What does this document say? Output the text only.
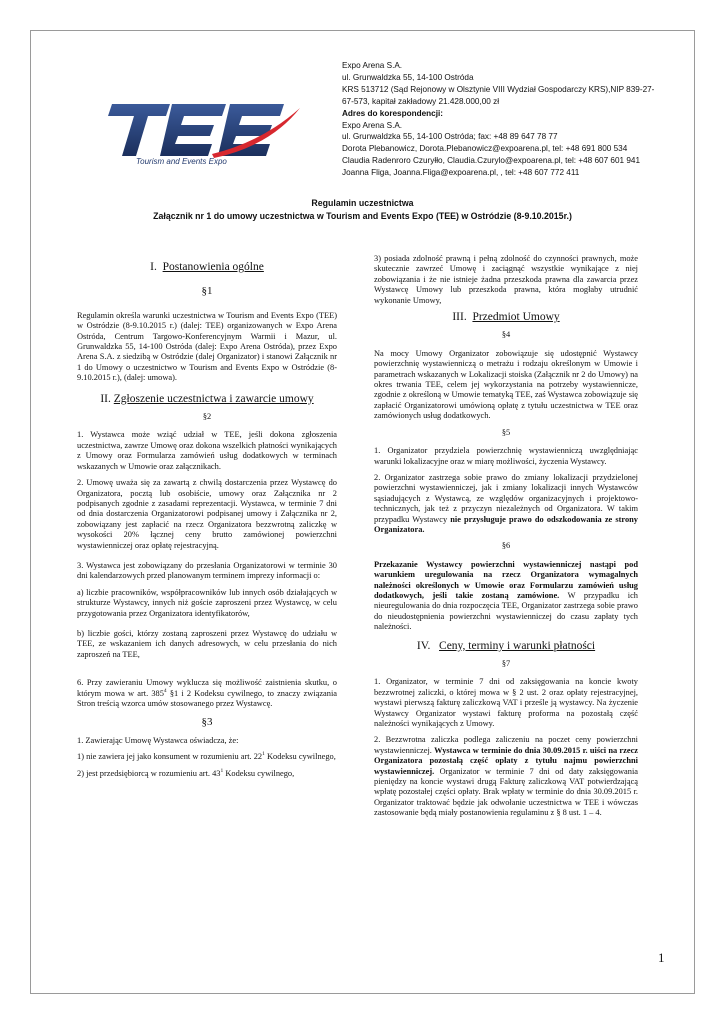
Tourism and Events Expo
Expo Arena S.A.
ul. Grunwaldzka 55, 14-100 Ostróda
KRS 513712 (Sąd Rejonowy w Olsztynie VIII Wydział Gospodarczy KRS),NIP 839-27-
67-573, kapitał zakładowy 21.428.000,00 zł
Adres do korespondencji:
Expo Arena S.A.
ul. Grunwaldzka 55, 14-100 Ostróda; fax: +48 89 647 78 77
Dorota Plebanowicz, Dorota.Plebanowicz@expoarena.pl, tel: +48 691 800 534
Claudia Radenroro Czuryłło, Claudia.Czurylo@expoarena.pl, tel: +48 607 601 941
Joanna Fliga, Joanna.Fliga@expoarena.pl, , tel: +48 607 772 411
Regulamin uczestnictwa
Załącznik nr 1 do umowy uczestnictwa w Tourism and Events Expo (TEE) w Ostródzie (8-9.10.2015r.)
I. Postanowienia ogólne
§1

Regulamin określa warunki uczestnictwa w Tourism and Events Expo (TEE) w Ostródzie (8-9.10.2015 r.) (dalej: TEE) organizowanych w Expo Arena Ostróda, Centrum Targowo-Konferencyjnym Warmii i Mazur, ul. Grunwaldzka 55, 14-100 Ostróda (dalej: Expo Arena Ostróda), przez Expo Arena S.A. z siedzibą w Ostródzie (dalej Organizator) i stanowi Załącznik nr 1 do Umowy o uczestnictwo w Tourism and Events Expo w Ostródzie (8-9.10.2015 r.), (dalej: umowa).

II. Zgłoszenie uczestnictwa i zawarcie umowy
§2

1. Wystawca może wziąć udział w TEE, jeśli dokona zgłoszenia uczestnictwa, zawrze Umowę oraz dokona wszelkich płatności wynikających z Umowy oraz Formularza zamówień usług dodatkowych w terminach wskazanych w Umowie oraz załącznikach.

2. Umowę uważa się za zawartą z chwilą dostarczenia przez Wystawcę do Organizatora, pocztą lub osobiście, umowy oraz Załącznika nr 2 podpisanych zgodnie z zasadami reprezentacji. Wystawca, w terminie 7 dni od dnia dostarczenia Organizatorowi podpisanej umowy i Załącznika nr 2, zobowiązany jest zapłacić na rzecz Organizatora bezzwrotną zaliczkę w wysokości 20% łącznej ceny brutto zamówionej powierzchni wystawienniczej oraz opłatę rejestracyjną.

3. Wystawca jest zobowiązany do przesłania Organizatorowi w terminie 30 dni kalendarzowych przed planowanym terminem imprezy informacji o:

a) liczbie pracowników, współpracowników lub innych osób działających w strukturze Wystawcy, innych niż goście zaproszeni przez Wystawcę, w celu przygotowania przez Organizatora identyfikatorów,

b) liczbie gości, którzy zostaną zaproszeni przez Wystawcę do udziału w TEE, ze wskazaniem ich danych adresowych, w celu przesłania do nich zaproszeń na TEE,

6. Przy zawieraniu Umowy wyklucza się możliwość zaistnienia skutku, o którym mowa w art. $385^4$ §1 i 2 Kodeksu cywilnego, to znaczy związania Stron treścią wzorca umów stosowanego przez Wystawcę.

§3

1. Zawierając Umowę Wystawca oświadcza, że:

1) nie zawiera jej jako konsument w rozumieniu art. $22^1$ Kodeksu cywilnego,

2) jest przedsiębiorcą w rozumieniu art. $43^1$ Kodeksu cywilnego,

3) posiada zdolność prawną i pełną zdolność do czynności prawnych, może skutecznie zawrzeć Umowę i zaciągnąć wszystkie wynikające z niej zobowiązania i że nie istnieje żadna przeszkoda prawna dla zawarcia przez Wystawcę Umowy lub przeszkoda prawna, która mogłaby utrudnić wykonanie Umowy,

III. Przedmiot Umowy
§4

Na mocy Umowy Organizator zobowiązuje się udostępnić Wystawcy powierzchnię wystawienniczą o metrażu i rodzaju określonym w Umowie i parametrach wskazanych w Lokalizacji stoiska (Załącznik nr 2 do Umowy) na okres trwania TEE, celem jej wykorzystania na potrzeby wystawiennicze, zgodnie z określoną w Umowie tematyką TEE, zaś Wystawca zobowiązuje się zapłacić Organizatorowi umówioną opłatę z tytułu uczestnictwa w TEE oraz zamówionych usług dodatkowych.

§5

1. Organizator przydziela powierzchnię wystawienniczą uwzględniając warunki lokalizacyjne oraz w miarę możliwości, życzenia Wystawcy.

2. Organizator zastrzega sobie prawo do zmiany lokalizacji przydzielonej powierzchni wystawienniczej, jak i zmiany lokalizacji innych Wystawców sąsiadujących z Wystawcą, ze względów organizacyjnych i projektowo-technicznych, jak też z przyczyn niezależnych od Organizatora. W takim przypadku Wystawcy nie przysługuje prawo do odszkodowania ze strony Organizatora.

§6

Przekazanie Wystawcy powierzchni wystawienniczej nastąpi pod warunkiem uregulowania na rzecz Organizatora wymagalnych należności określonych w Umowie oraz Formularzu zamówień usług dodatkowych, jeśli takie zostaną zamówione. W przypadku ich nieuregulowania do dnia rozpoczęcia TEE, Organizator zastrzega sobie prawo do nieudostępnienia powierzchni wystawienniczej do czasu zapłaty tych należności.

IV. Ceny, terminy i warunki płatności
§7

1. Organizator, w terminie 7 dni od zaksięgowania na koncie kwoty bezzwrotnej zaliczki, o której mowa w § 2 ust. 2 oraz opłaty rejestracyjnej, wystawi pierwszą fakturę zaliczkową VAT i prześle ją wystawcy. Na życzenie Wystawcy Organizator wystawi fakturę proforma na pozostałą część należności wynikających z Umowy.

2. Bezzwrotna zaliczka podlega zaliczeniu na poczet ceny powierzchni wystawienniczej. Wystawca w terminie do dnia 30.09.2015 r. uiści na rzecz Organizatora pozostałą część opłaty z tytułu najmu powierzchni wystawienniczej. Organizator w terminie 7 dni od daty zaksięgowania pieniędzy na koncie wystawi drugą Fakturę zaliczkową VAT potwierdzającą wpłatę pozostałej części opłaty. Brak wpłaty w terminie do dnia 30.09.2015 r. Organizator traktować będzie jak odwołanie uczestnictwa w TEE i wówczas zastosowanie będą miały postanowienia regulaminu z § 8 ust. 1 – 4.

1
